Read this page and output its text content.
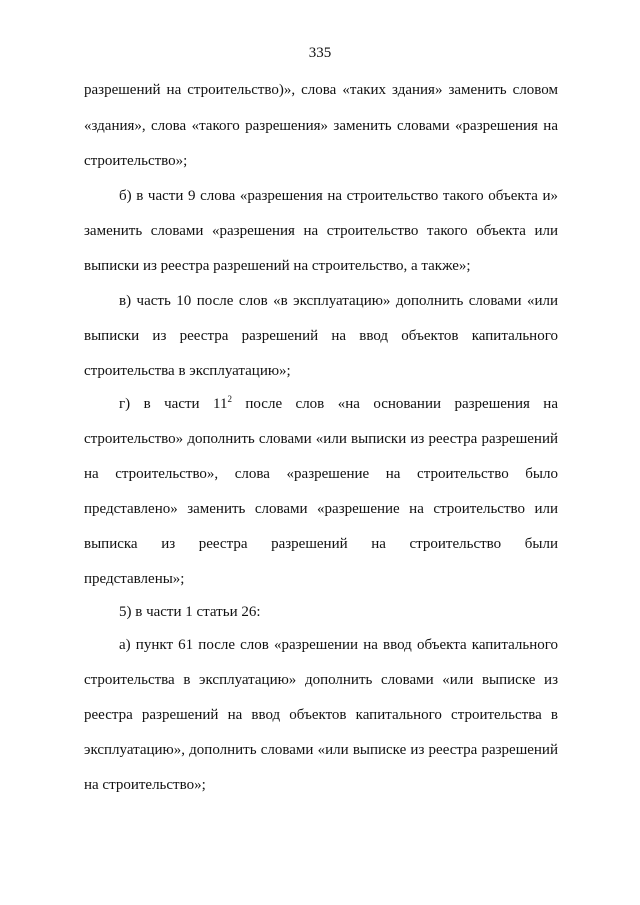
335
разрешений на строительство)», слова «таких здания» заменить словом
«здания», слова «такого разрешения» заменить словами «разрешения на
строительство»;
б) в части 9 слова «разрешения на строительство такого объекта и»
заменить словами «разрешения на строительство такого объекта или
выписки из реестра разрешений на строительство, а также»;
в) часть 10 после слов «в эксплуатацию» дополнить словами «или
выписки из реестра разрешений на ввод объектов капитального
строительства в эксплуатацию»;
г) в части $11^2$ после слов «на основании разрешения на
строительство» дополнить словами «или выписки из реестра разрешений
на строительство», слова «разрешение на строительство было
представлено» заменить словами «разрешение на строительство или
выписка из реестра разрешений на строительство были
представлены»;
5) в части 1 статьи 26:
а) пункт 61 после слов «разрешении на ввод объекта капитального
строительства в эксплуатацию» дополнить словами «или выписке из
реестра разрешений на ввод объектов капитального строительства в
эксплуатацию», дополнить словами «или выписке из реестра разрешений
на строительство»;
